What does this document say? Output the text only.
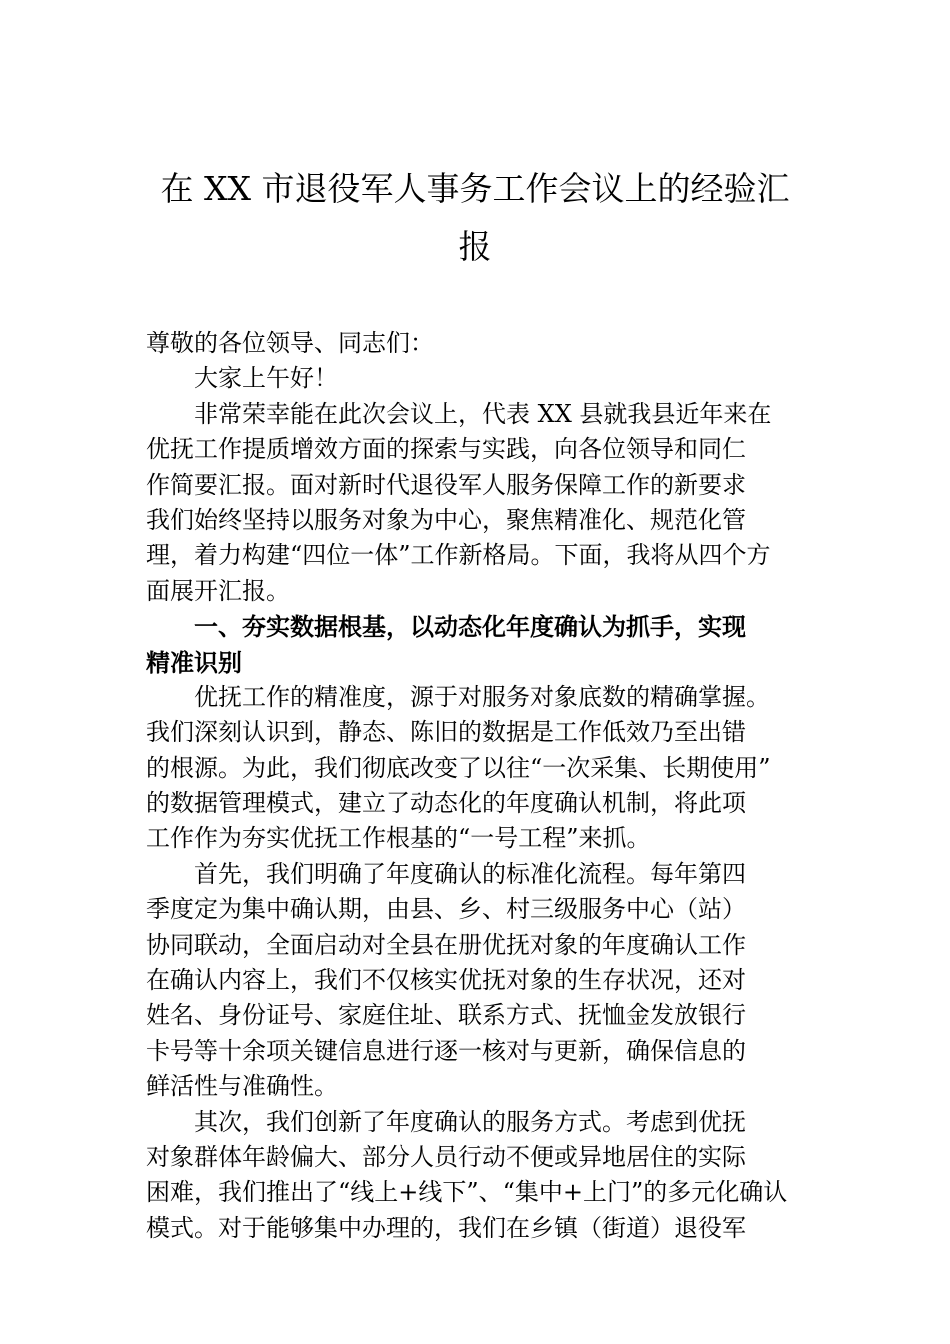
在 XX 市退役军人事务工作会议上的经验汇
报
尊敬的各位领导、同志们：
大家上午好！
非常荣幸能在此次会议上，代表 XX 县就我县近年来在
优抚工作提质增效方面的探索与实践，向各位领导和同仁
作简要汇报。面对新时代退役军人服务保障工作的新要求
我们始终坚持以服务对象为中心，聚焦精准化、规范化管
理，着力构建“四位一体”工作新格局。下面，我将从四个方
面展开汇报。
一、夯实数据根基，以动态化年度确认为抓手，实现
精准识别
优抚工作的精准度，源于对服务对象底数的精确掌握。
我们深刻认识到，静态、陈旧的数据是工作低效乃至出错
的根源。为此，我们彻底改变了以往“一次采集、长期使用”
的数据管理模式，建立了动态化的年度确认机制，将此项
工作作为夯实优抚工作根基的“一号工程”来抓。
首先，我们明确了年度确认的标准化流程。每年第四
季度定为集中确认期，由县、乡、村三级服务中心（站）
协同联动，全面启动对全县在册优抚对象的年度确认工作
在确认内容上，我们不仅核实优抚对象的生存状况，还对
姓名、身份证号、家庭住址、联系方式、抚恤金发放银行
卡号等十余项关键信息进行逐一核对与更新，确保信息的
鲜活性与准确性。
其次，我们创新了年度确认的服务方式。考虑到优抚
对象群体年龄偏大、部分人员行动不便或异地居住的实际
困难，我们推出了“线上+线下”、“集中+上门”的多元化确认
模式。对于能够集中办理的，我们在乡镇（街道）退役军
